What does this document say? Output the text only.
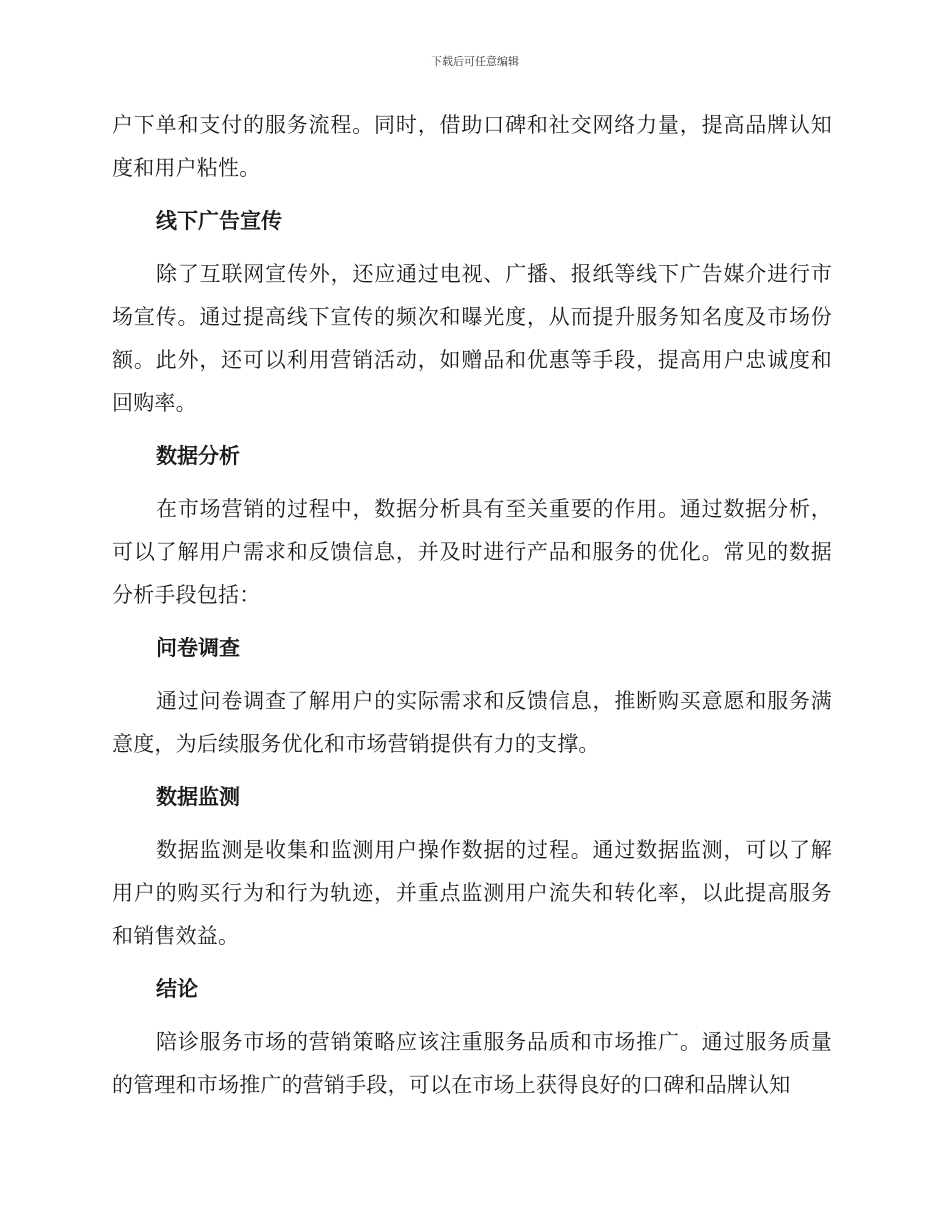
下载后可任意编辑

户下单和支付的服务流程。同时，借助口碑和社交网络力量，提高品牌认知度和用户粘性。

线下广告宣传

除了互联网宣传外，还应通过电视、广播、报纸等线下广告媒介进行市场宣传。通过提高线下宣传的频次和曝光度，从而提升服务知名度及市场份额。此外，还可以利用营销活动，如赠品和优惠等手段，提高用户忠诚度和回购率。

数据分析

在市场营销的过程中，数据分析具有至关重要的作用。通过数据分析，可以了解用户需求和反馈信息，并及时进行产品和服务的优化。常见的数据分析手段包括：

问卷调查

通过问卷调查了解用户的实际需求和反馈信息，推断购买意愿和服务满意度，为后续服务优化和市场营销提供有力的支撑。

数据监测

数据监测是收集和监测用户操作数据的过程。通过数据监测，可以了解用户的购买行为和行为轨迹，并重点监测用户流失和转化率，以此提高服务和销售效益。

结论

陪诊服务市场的营销策略应该注重服务品质和市场推广。通过服务质量的管理和市场推广的营销手段，可以在市场上获得良好的口碑和品牌认知
